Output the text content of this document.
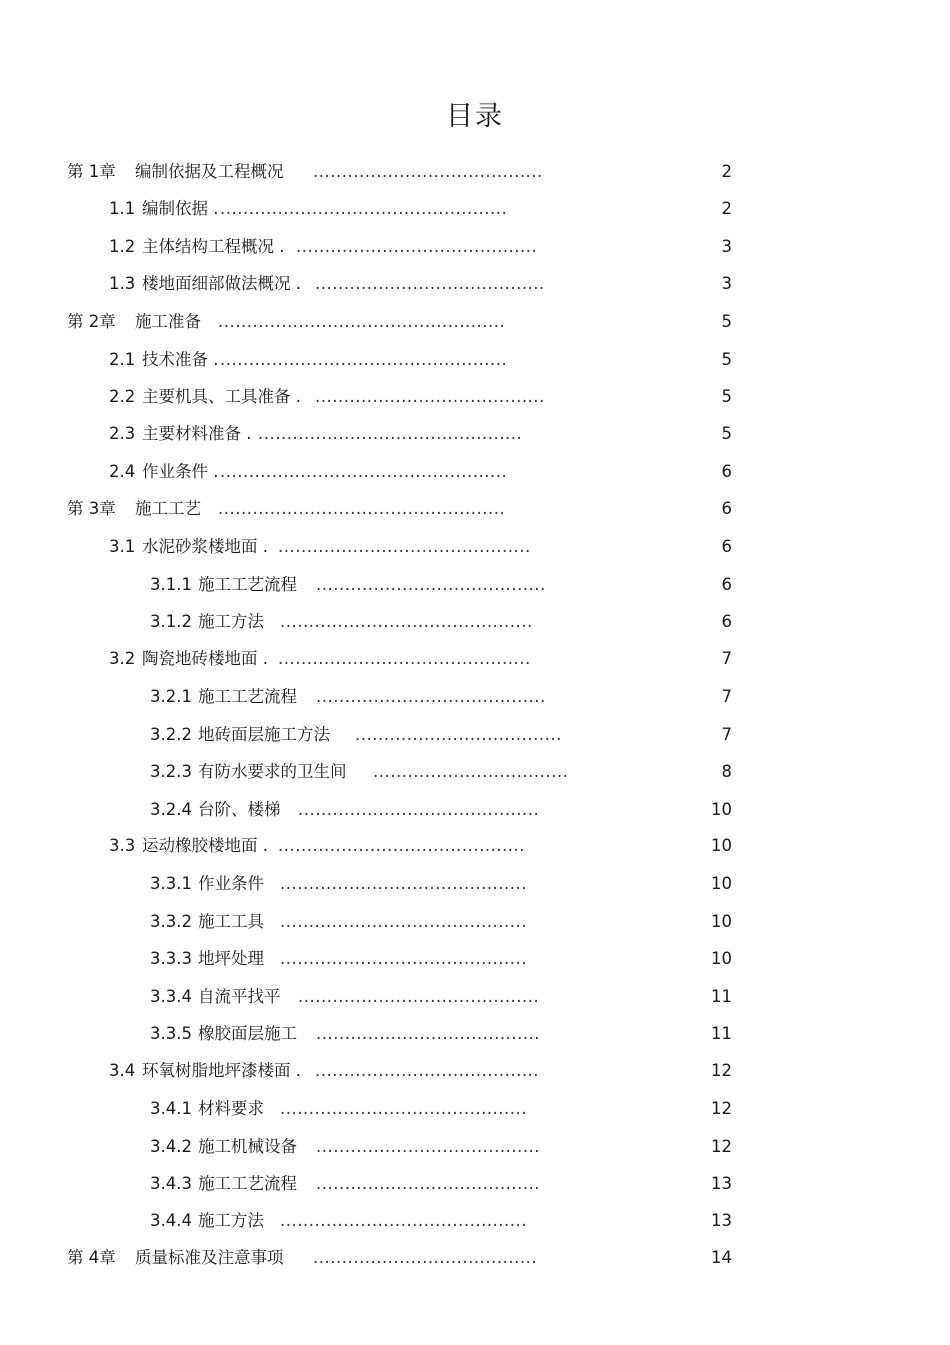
目录
第 1章 编制依据及工程概况 ........................................	2
1.1 编制依据 . ..................................................	2
1.2 主体结构工程概况 . ..........................................	3
1.3 楼地面细部做法概况 . ........................................	3
第 2章 施工准备 ..................................................	5
2.1 技术准备 . ..................................................	5
2.2 主要机具、工具准备 . ........................................	5
2.3 主要材料准备 . ..............................................	5
2.4 作业条件 . ..................................................	6
第 3章 施工工艺 ..................................................	6
3.1 水泥砂浆楼地面 . ............................................	6
3.1.1 施工工艺流程 ........................................	6
3.1.2 施工方法 ............................................	6
3.2 陶瓷地砖楼地面 . ............................................	7
3.2.1 施工工艺流程 ........................................	7
3.2.2 地砖面层施工方法 ....................................	7
3.2.3 有防水要求的卫生间 ..................................	8
3.2.4 台阶、楼梯 ..........................................	10
3.3 运动橡胶楼地面 . ...........................................	10
3.3.1 作业条件 ...........................................	10
3.3.2 施工工具 ...........................................	10
3.3.3 地坪处理 ...........................................	10
3.3.4 自流平找平 ..........................................	11
3.3.5 橡胶面层施工 .......................................	11
3.4 环氧树脂地坪漆楼面 . .......................................	12
3.4.1 材料要求 ...........................................	12
3.4.2 施工机械设备 .......................................	12
3.4.3 施工工艺流程 .......................................	13
3.4.4 施工方法 ...........................................	13
第 4章 质量标准及注意事项 .......................................	14
